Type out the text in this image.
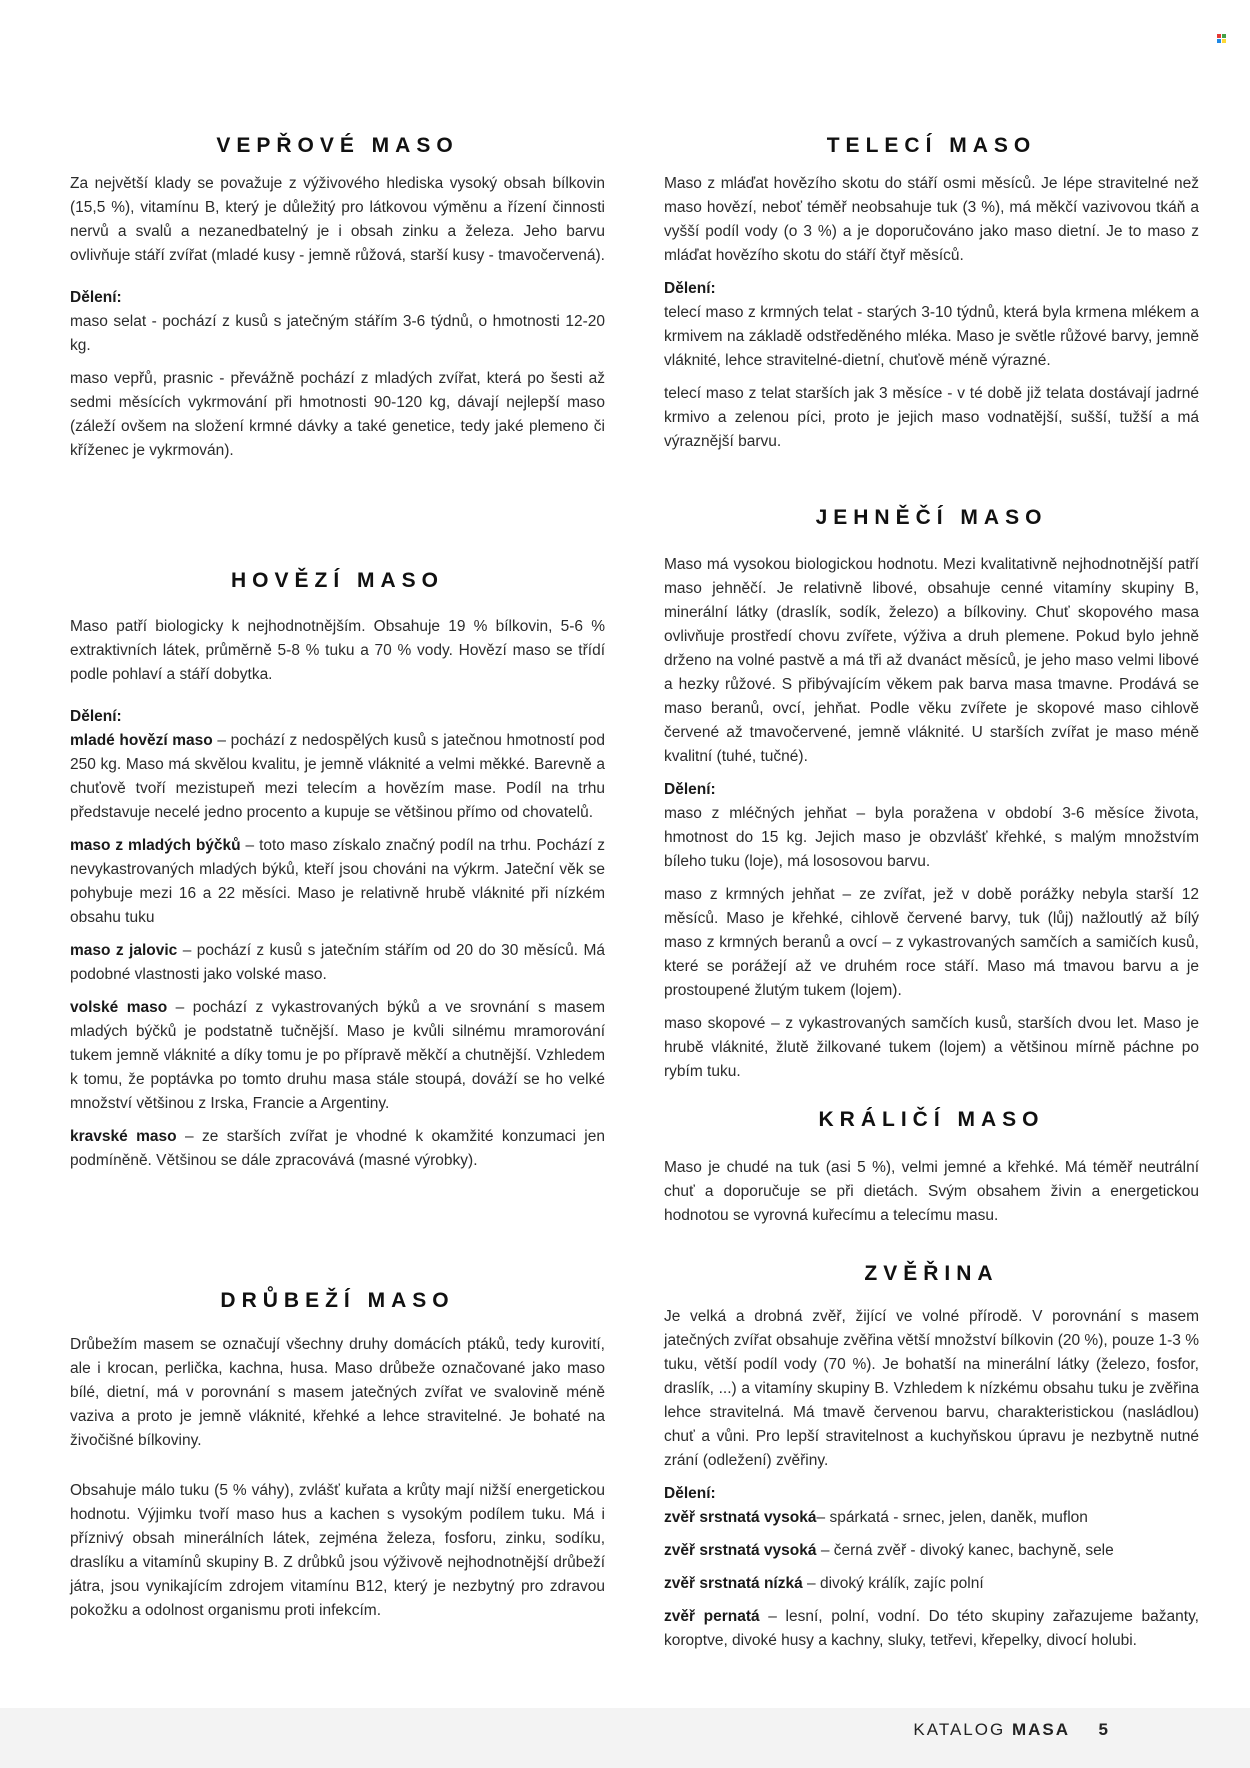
VEPŘOVÉ MASO

Za největší klady se považuje z výživového hlediska vysoký obsah bílkovin (15,5 %), vitamínu B, který je důležitý pro látkovou výměnu a řízení činnosti nervů a svalů a nezanedbatelný je i obsah zinku a železa. Jeho barvu ovlivňuje stáří zvířat (mladé kusy - jemně růžová, starší kusy - tmavočervená).

Dělení:

maso selat - pochází z kusů s jatečným stářím 3-6 týdnů, o hmotnosti 12-20 kg.

maso vepřů, prasnic - převážně pochází z mladých zvířat, která po šesti až sedmi měsících vykrmování při hmotnosti 90-120 kg, dávají nejlepší maso (záleží ovšem na složení krmné dávky a také genetice, tedy jaké plemeno či kříženec je vykrmován).

HOVĚZÍ MASO

Maso patří biologicky k nejhodnotnějším. Obsahuje 19 % bílkovin, 5-6 % extraktivních látek, průměrně 5-8 % tuku a 70 % vody. Hovězí maso se třídí podle pohlaví a stáří dobytka.

Dělení:

mladé hovězí maso – pochází z nedospělých kusů s jatečnou hmotností pod 250 kg. Maso má skvělou kvalitu, je jemně vláknité a velmi měkké. Barevně a chuťově tvoří mezistupeň mezi telecím a hovězím mase. Podíl na trhu představuje necelé jedno procento a kupuje se většinou přímo od chovatelů.

maso z mladých býčků – toto maso získalo značný podíl na trhu. Pochází z nevykastrovaných mladých býků, kteří jsou chováni na výkrm. Jateční věk se pohybuje mezi 16 a 22 měsíci. Maso je relativně hrubě vláknité při nízkém obsahu tuku

maso z jalovic – pochází z kusů s jatečním stářím od 20 do 30 měsíců. Má podobné vlastnosti jako volské maso.

volské maso – pochází z vykastrovaných býků a ve srovnání s masem mladých býčků je podstatně tučnější. Maso je kvůli silnému mramorování tukem jemně vláknité a díky tomu je po přípravě měkčí a chutnější. Vzhledem k tomu, že poptávka po tomto druhu masa stále stoupá, dováží se ho velké množství většinou z Irska, Francie a Argentiny.

kravské maso – ze starších zvířat je vhodné k okamžité konzumaci jen podmíněně. Většinou se dále zpracovává (masné výrobky).

DRŮBEŽÍ MASO

Drůbežím masem se označují všechny druhy domácích ptáků, tedy kurovití, ale i krocan, perlička, kachna, husa. Maso drůbeže označované jako maso bílé, dietní, má v porovnání s masem jatečných zvířat ve svalovině méně vaziva a proto je jemně vláknité, křehké a lehce stravitelné. Je bohaté na živočišné bílkoviny.

Obsahuje málo tuku (5 % váhy), zvlášť kuřata a krůty mají nižší energetickou hodnotu. Výjimku tvoří maso hus a kachen s vysokým podílem tuku. Má i příznivý obsah minerálních látek, zejména železa, fosforu, zinku, sodíku, draslíku a vitamínů skupiny B. Z drůbků jsou výživově nejhodnotnější drůbeží játra, jsou vynikajícím zdrojem vitamínu B12, který je nezbytný pro zdravou pokožku a odolnost organismu proti infekcím.

TELECÍ MASO

Maso z mláďat hovězího skotu do stáří osmi měsíců. Je lépe stravitelné než maso hovězí, neboť téměř neobsahuje tuk (3 %), má měkčí vazivovou tkáň a vyšší podíl vody (o 3 %) a je doporučováno jako maso dietní. Je to maso z mláďat hovězího skotu do stáří čtyř měsíců.

Dělení:

telecí maso z krmných telat - starých 3-10 týdnů, která byla krmena mlékem a krmivem na základě odstředěného mléka. Maso je světle růžové barvy, jemně vláknité, lehce stravitelné-dietní, chuťově méně výrazné.

telecí maso z telat starších jak 3 měsíce - v té době již telata dostávají jadrné krmivo a zelenou píci, proto je jejich maso vodnatější, sušší, tužší a má výraznější barvu.

JEHNĚČÍ MASO

Maso má vysokou biologickou hodnotu. Mezi kvalitativně nejhodnotnější patří maso jehněčí. Je relativně libové, obsahuje cenné vitamíny skupiny B, minerální látky (draslík, sodík, železo) a bílkoviny. Chuť skopového masa ovlivňuje prostředí chovu zvířete, výživa a druh plemene. Pokud bylo jehně drženo na volné pastvě a má tři až dvanáct měsíců, je jeho maso velmi libové a hezky růžové. S přibývajícím věkem pak barva masa tmavne. Prodává se maso beranů, ovcí, jehňat. Podle věku zvířete je skopové maso cihlově červené až tmavočervené, jemně vláknité. U starších zvířat je maso méně kvalitní (tuhé, tučné).

Dělení:

maso z mléčných jehňat – byla poražena v období 3-6 měsíce života, hmotnost do 15 kg. Jejich maso je obzvlášť křehké, s malým množstvím bíleho tuku (loje), má lososovou barvu.

maso z krmných jehňat – ze zvířat, jež v době porážky nebyla starší 12 měsíců. Maso je křehké, cihlově červené barvy, tuk (lůj) nažloutlý až bílý maso z krmných beranů a ovcí – z vykastrovaných samčích a samičích kusů, které se porážejí až ve druhém roce stáří. Maso má tmavou barvu a je prostoupené žlutým tukem (lojem).

maso skopové – z vykastrovaných samčích kusů, starších dvou let. Maso je hrubě vláknité, žlutě žilkované tukem (lojem) a většinou mírně páchne po rybím tuku.

KRÁLIČÍ MASO

Maso je chudé na tuk (asi 5 %), velmi jemné a křehké. Má téměř neutrální chuť a doporučuje se při dietách. Svým obsahem živin a energetickou hodnotou se vyrovná kuřecímu a telecímu masu.

ZVĚŘINA

Je velká a drobná zvěř, žijící ve volné přírodě. V porovnání s masem jatečných zvířat obsahuje zvěřina větší množství bílkovin (20 %), pouze 1-3 % tuku, větší podíl vody (70 %). Je bohatší na minerální látky (železo, fosfor, draslík, ...) a vitamíny skupiny B. Vzhledem k nízkému obsahu tuku je zvěřina lehce stravitelná. Má tmavě červenou barvu, charakteristickou (nasládlou) chuť a vůni. Pro lepší stravitelnost a kuchyňskou úpravu je nezbytně nutné zrání (odležení) zvěřiny.

Dělení:

zvěř srstnatá vysoká– spárkatá - srnec, jelen, daněk, muflon

zvěř srstnatá vysoká – černá zvěř - divoký kanec, bachyně, sele

zvěř srstnatá nízká – divoký králík, zajíc polní

zvěř pernatá – lesní, polní, vodní. Do této skupiny zařazujeme bažanty, koroptve, divoké husy a kachny, sluky, tetřevi, křepelky, divocí holubi.

KATALOG MASA 5
